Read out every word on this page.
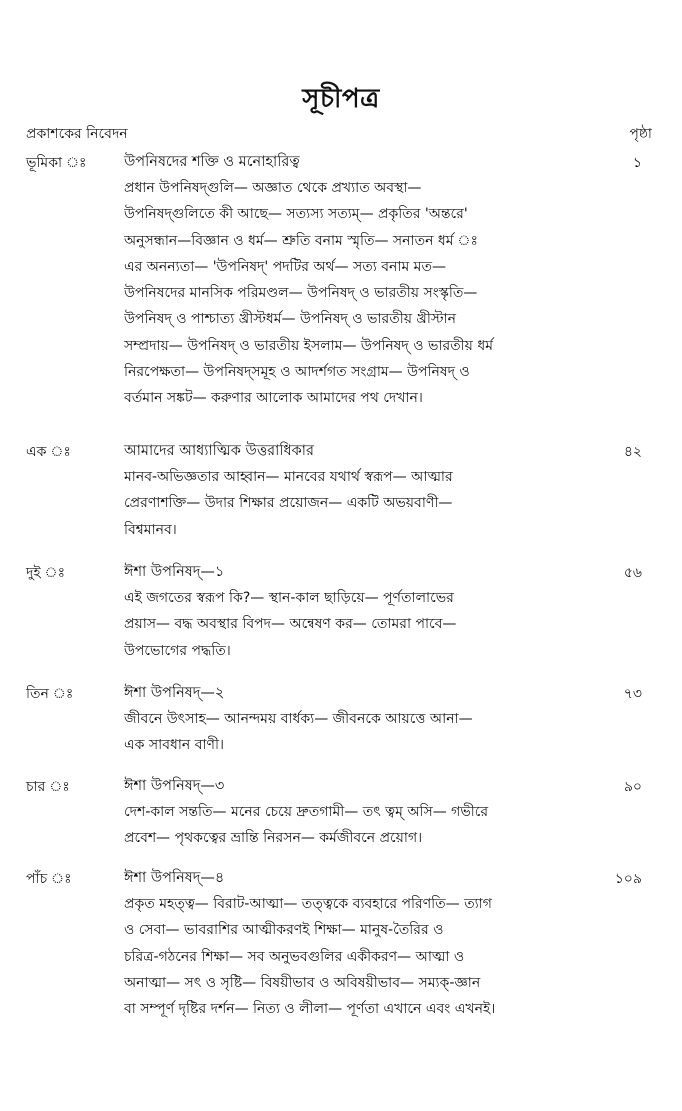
সূচীপত্র
প্রকাশকের নিবেদন	পৃষ্ঠা
ভূমিকা ঃ	উপনিষদের শক্তি ও মনোহারিত্ব	১
প্রধান উপনিষদ্গুলি— অজ্ঞাত থেকে প্রখ্যাত অবস্থা—
উপনিষদ্গুলিতে কী আছে— সত্যস্য সত্যম্— প্রকৃতির 'অন্তরে'
অনুসন্ধান—বিজ্ঞান ও ধর্ম— শ্রুতি বনাম স্মৃতি— সনাতন ধর্ম ঃ
এর অনন্যতা— 'উপনিষদ্' পদটির অর্থ— সত্য বনাম মত—
উপনিষদের মানসিক পরিমণ্ডল— উপনিষদ্ ও ভারতীয় সংস্কৃতি—
উপনিষদ্ ও পাশ্চাত্য খ্রীস্টধর্ম— উপনিষদ্ ও ভারতীয় খ্রীস্টান
সম্প্রদায়— উপনিষদ্ ও ভারতীয় ইসলাম— উপনিষদ্ ও ভারতীয় ধর্ম
নিরপেক্ষতা— উপনিষদ্সমূহ ও আদর্শগত সংগ্রাম— উপনিষদ্ ও
বর্তমান সঙ্কট— করুণার আলোক আমাদের পথ দেখান।
এক ঃ	আমাদের আধ্যাত্মিক উত্তরাধিকার	৪২
মানব-অভিজ্ঞতার আহ্বান— মানবের যথার্থ স্বরূপ— আত্মার
প্রেরণাশক্তি— উদার শিক্ষার প্রয়োজন— একটি অভয়বাণী—
বিশ্বমানব।
দুই ঃ	ঈশা উপনিষদ্—১	৫৬
এই জগতের স্বরূপ কি?— স্থান-কাল ছাড়িয়ে— পূর্ণতালাভের
প্রয়াস— বদ্ধ অবস্থার বিপদ— অন্বেষণ কর— তোমরা পাবে—
উপভোগের পদ্ধতি।
তিন ঃ	ঈশা উপনিষদ্—২	৭৩
জীবনে উৎসাহ— আনন্দময় বার্ধক্য— জীবনকে আয়ত্তে আনা—
এক সাবধান বাণী।
চার ঃ	ঈশা উপনিষদ্—৩	৯০
দেশ-কাল সন্ততি— মনের চেয়ে দ্রুতগামী— তৎ ত্বম্ অসি— গভীরে
প্রবেশ— পৃথকত্বের ভ্রান্তি নিরসন— কর্মজীবনে প্রয়োগ।
পাঁচ ঃ	ঈশা উপনিষদ্—৪	১০৯
প্রকৃত মহত্ত্ব— বিরাট-আত্মা— তত্ত্বকে ব্যবহারে পরিণতি— ত্যাগ
ও সেবা— ভাবরাশির আত্মীকরণই শিক্ষা— মানুষ-তৈরির ও
চরিত্র-গঠনের শিক্ষা— সব অনুভবগুলির একীকরণ— আত্মা ও
অনাত্মা— সৎ ও সৃষ্টি— বিষয়ীভাব ও অবিষয়ীভাব— সম্যক্-জ্ঞান
বা সম্পূর্ণ দৃষ্টির দর্শন— নিত্য ও লীলা— পূর্ণতা এখানে এবং এখনই।
